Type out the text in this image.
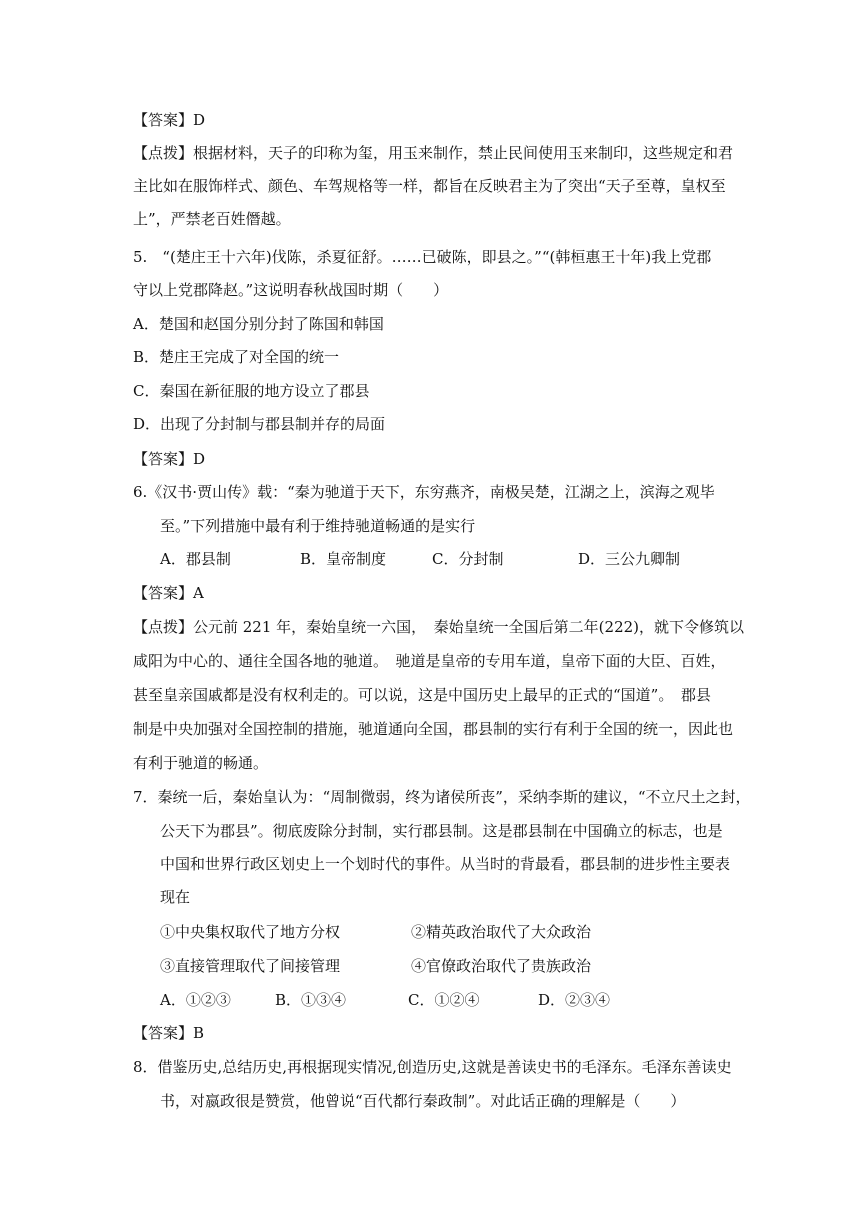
【答案】D
【点拨】根据材料，天子的印称为玺，用玉来制作，禁止民间使用玉来制印，这些规定和君
主比如在服饰样式、颜色、车驾规格等一样，都旨在反映君主为了突出“天子至尊，皇权至
上”，严禁老百姓僭越。
5.　“(楚庄王十六年)伐陈，杀夏征舒。……已破陈，即县之。”“(韩桓惠王十年)我上党郡
守以上党郡降赵。”这说明春秋战国时期（　　）
A．楚国和赵国分别分封了陈国和韩国
B．楚庄王完成了对全国的统一
C．秦国在新征服的地方设立了郡县
D．出现了分封制与郡县制并存的局面
【答案】D
6.《汉书·贾山传》载：“秦为驰道于天下，东穷燕齐，南极吴楚，江湖之上，滨海之观毕
至。”下列措施中最有利于维持驰道畅通的是实行
A．郡县制	B．皇帝制度	C．分封制	D．三公九卿制
【答案】A
【点拨】公元前 221 年，秦始皇统一六国，　秦始皇统一全国后第二年(222)，就下令修筑以
咸阳为中心的、通往全国各地的驰道。　驰道是皇帝的专用车道，皇帝下面的大臣、百姓，
甚至皇亲国戚都是没有权利走的。可以说，这是中国历史上最早的正式的“国道”。　郡县
制是中央加强对全国控制的措施，驰道通向全国，郡县制的实行有利于全国的统一，因此也
有利于驰道的畅通。
7．秦统一后，秦始皇认为：“周制微弱，终为诸侯所丧”，采纳李斯的建议，“不立尺土之封，
公天下为郡县”。彻底废除分封制，实行郡县制。这是郡县制在中国确立的标志，也是
中国和世界行政区划史上一个划时代的事件。从当时的背最看，郡县制的进步性主要表
现在
①中央集权取代了地方分权	②精英政治取代了大众政治
③直接管理取代了间接管理	④官僚政治取代了贵族政治
A．①②③	B．①③④	C．①②④	D．②③④
【答案】B
8．借鉴历史,总结历史,再根据现实情况,创造历史,这就是善读史书的毛泽东。毛泽东善读史
书，对嬴政很是赞赏，他曾说“百代都行秦政制”。对此话正确的理解是（　　）
